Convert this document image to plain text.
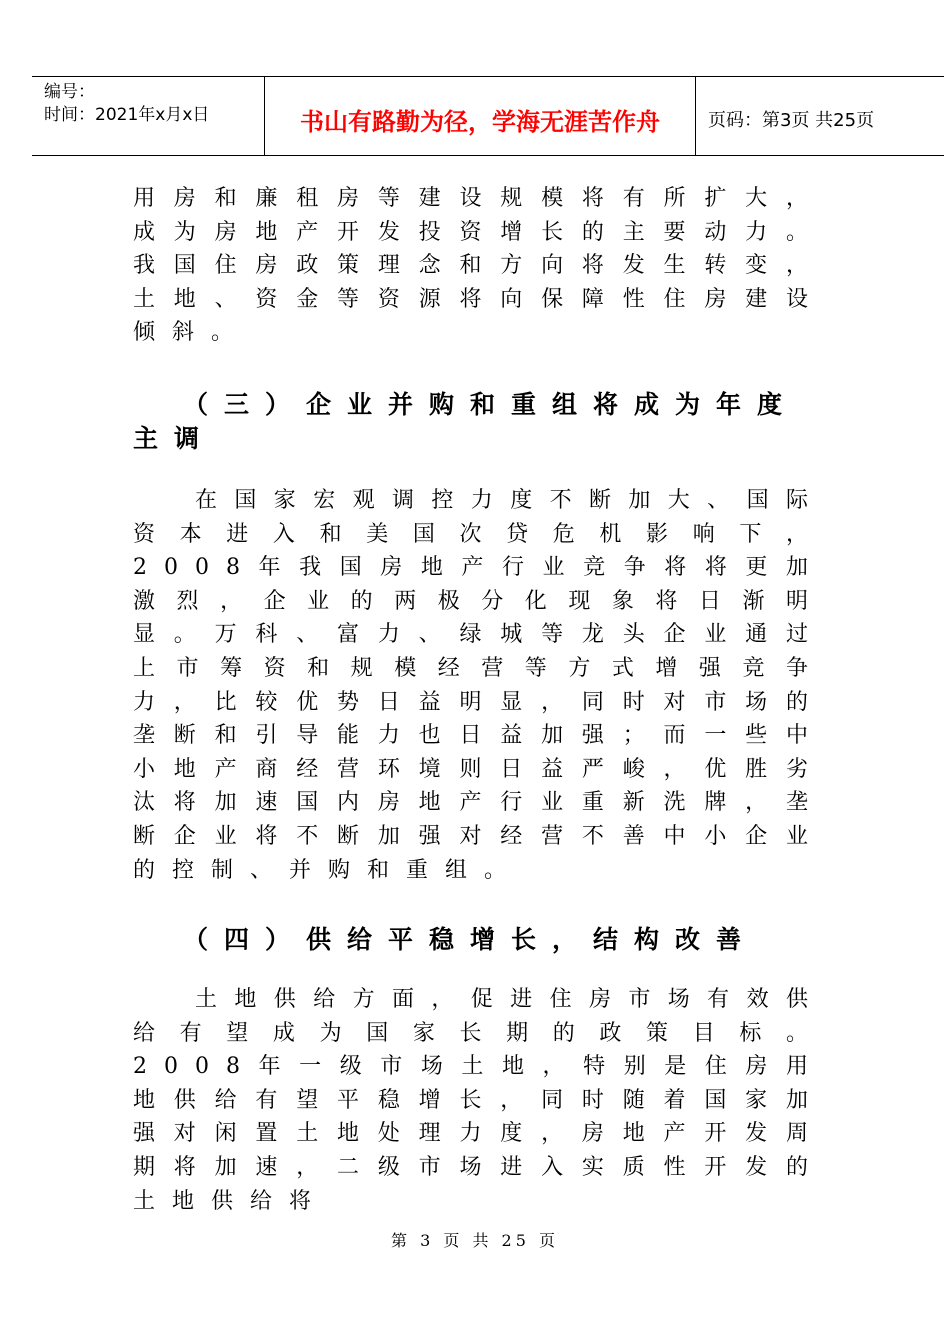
编号：
时间：2021年x月x日	书山有路勤为径，学海无涯苦作舟	页码：第3页 共25页

用房和廉租房等建设规模将有所扩大，成为房地产开发投资增长的主要动力。我国住房政策理念和方向将发生转变，土地、资金等资源将向保障性住房建设倾斜。

（三）企业并购和重组将成为年度主调

在国家宏观调控力度不断加大、国际资本进入和美国次贷危机影响下，2008年我国房地产行业竞争将将更加激烈，企业的两极分化现象将日渐明显。万科、富力、绿城等龙头企业通过上市筹资和规模经营等方式增强竞争力，比较优势日益明显，同时对市场的垄断和引导能力也日益加强；而一些中小地产商经营环境则日益严峻，优胜劣汰将加速国内房地产行业重新洗牌，垄断企业将不断加强对经营不善中小企业的控制、并购和重组。

（四）供给平稳增长，结构改善

土地供给方面，促进住房市场有效供给有望成为国家长期的政策目标。2008年一级市场土地，特别是住房用地供给有望平稳增长，同时随着国家加强对闲置土地处理力度，房地产开发周期将加速，二级市场进入实质性开发的土地供给将

第 3 页 共 25 页
